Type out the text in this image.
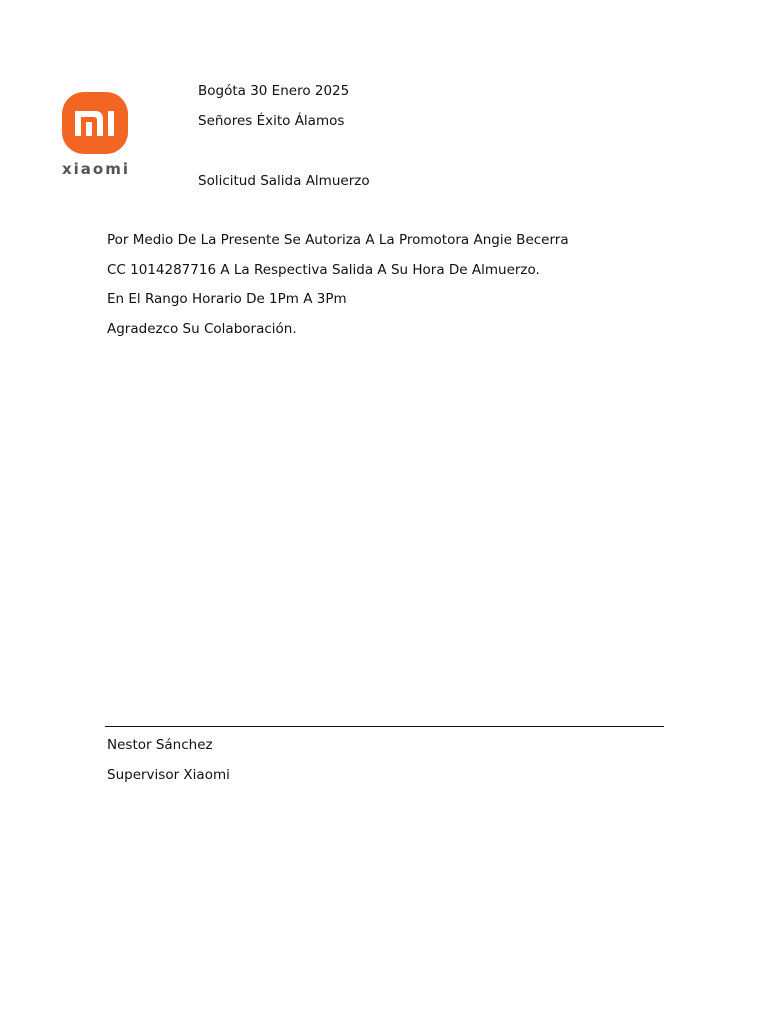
xiaomi
Bogóta 30 Enero 2025
Señores Éxito Álamos
Solicitud Salida Almuerzo
Por Medio De La Presente Se Autoriza A La Promotora Angie Becerra
CC 1014287716 A La Respectiva Salida A Su Hora De Almuerzo.
En El Rango Horario De 1Pm A 3Pm
Agradezco Su Colaboración.
Nestor Sánchez
Supervisor Xiaomi
